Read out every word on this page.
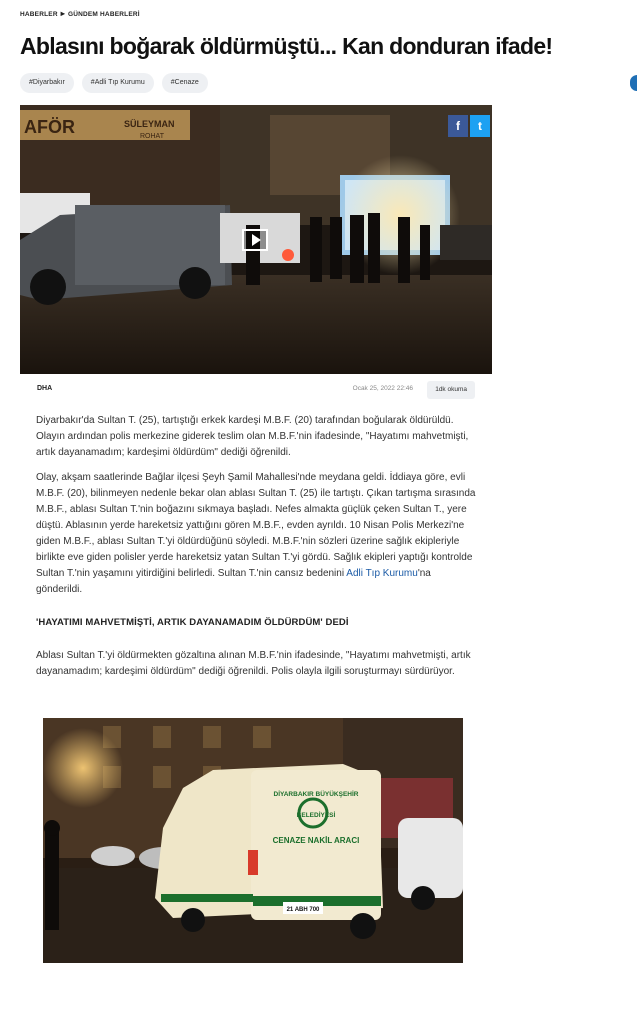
HABERLER ▸ GÜNDEM HABERLERİ
Ablasını boğarak öldürmüştü... Kan donduran ifade!
#Diyarbakır	#Adli Tıp Kurumu	#Cenaze
AFÖR	SÜLEYMAN
ROHAT
f	t
DHA	Ocak 25, 2022 22:46	1dk okuma

Diyarbakır'da Sultan T. (25), tartıştığı erkek kardeşi M.B.F. (20) tarafından boğularak öldürüldü. Olayın ardından polis merkezine giderek teslim olan M.B.F.'nin ifadesinde, "Hayatımı mahvetmişti, artık dayanamadım; kardeşimi öldürdüm" dediği öğrenildi.

Olay, akşam saatlerinde Bağlar ilçesi Şeyh Şamil Mahallesi'nde meydana geldi. İddiaya göre, evli M.B.F. (20), bilinmeyen nedenle bekar olan ablası Sultan T. (25) ile tartıştı. Çıkan tartışma sırasında M.B.F., ablası Sultan T.'nin boğazını sıkmaya başladı. Nefes almakta güçlük çeken Sultan T., yere düştü. Ablasının yerde hareketsiz yattığını gören M.B.F., evden ayrıldı. 10 Nisan Polis Merkezi'ne giden M.B.F., ablası Sultan T.'yi öldürdüğünü söyledi. M.B.F.'nin sözleri üzerine sağlık ekipleriyle birlikte eve giden polisler yerde hareketsiz yatan Sultan T.'yi gördü. Sağlık ekipleri yaptığı kontrolde Sultan T.'nin yaşamını yitirdiğini belirledi. Sultan T.'nin cansız bedenini Adli Tıp Kurumu'na gönderildi.

'HAYATIMI MAHVETMİŞTİ, ARTIK DAYANAMADIM ÖLDÜRDÜM' DEDİ

Ablası Sultan T.'yi öldürmekten gözaltına alınan M.B.F.'nin ifadesinde, "Hayatımı mahvetmişti, artık dayanamadım; kardeşimi öldürdüm" dediği öğrenildi. Polis olayla ilgili soruşturmayı sürdürüyor.

DİYARBAKIR BÜYÜKŞEHİR
BELEDİYESİ
CENAZE NAKİL ARACI
21 ABH 700
